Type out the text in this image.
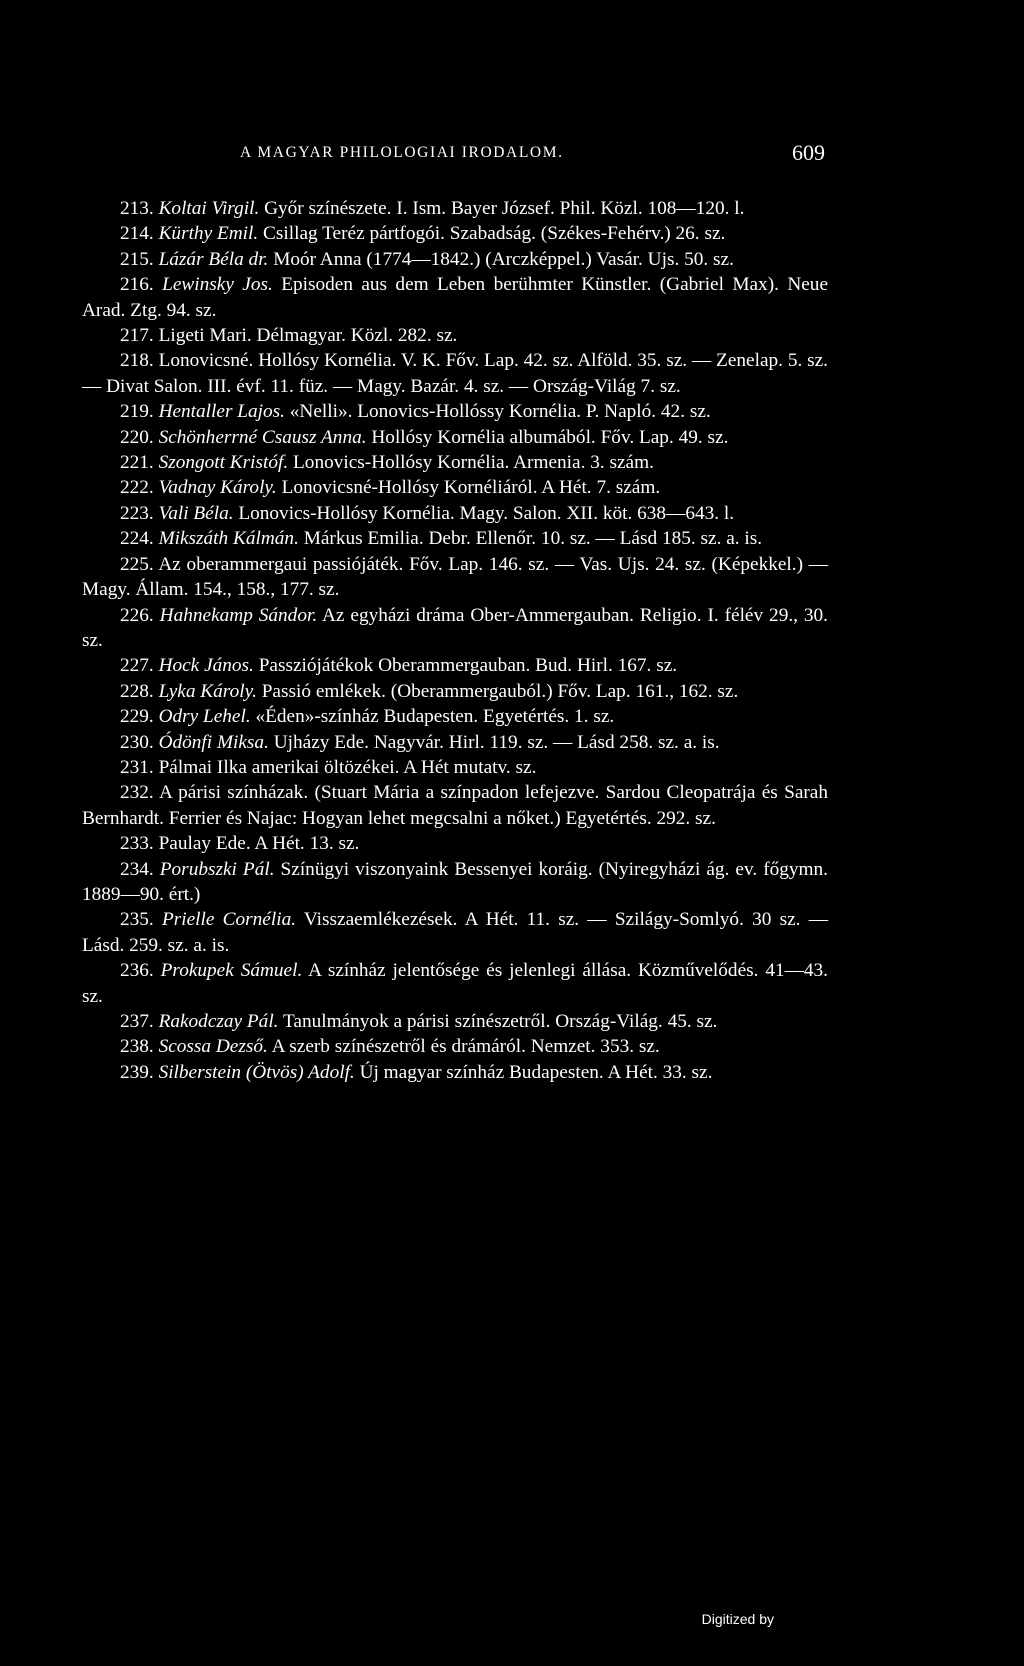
A MAGYAR PHILOLOGIAI IRODALOM.	609

213. Koltai Virgil. Győr színészete. I. Ism. Bayer József. Phil. Közl. 108—120. l.

214. Kürthy Emil. Csillag Teréz pártfogói. Szabadság. (Székes-Fehérv.) 26. sz.

215. Lázár Béla dr. Moór Anna (1774—1842.) (Arczképpel.) Vasár. Ujs. 50. sz.

216. Lewinsky Jos. Episoden aus dem Leben berühmter Künstler. (Gabriel Max). Neue Arad. Ztg. 94. sz.

217. Ligeti Mari. Délmagyar. Közl. 282. sz.

218. Lonovicsné. Hollósy Kornélia. V. K. Főv. Lap. 42. sz. Alföld. 35. sz. — Zenelap. 5. sz. — Divat Salon. III. évf. 11. füz. — Magy. Bazár. 4. sz. — Ország-Világ 7. sz.

219. Hentaller Lajos. «Nelli». Lonovics-Hollóssy Kornélia. P. Napló. 42. sz.

220. Schönherrné Csausz Anna. Hollósy Kornélia albumából. Főv. Lap. 49. sz.

221. Szongott Kristóf. Lonovics-Hollósy Kornélia. Armenia. 3. szám.

222. Vadnay Károly. Lonovicsné-Hollósy Kornéliáról. A Hét. 7. szám.

223. Vali Béla. Lonovics-Hollósy Kornélia. Magy. Salon. XII. köt. 638—643. l.

224. Mikszáth Kálmán. Márkus Emilia. Debr. Ellenőr. 10. sz. — Lásd 185. sz. a. is.

225. Az oberammergaui passiójáték. Főv. Lap. 146. sz. — Vas. Ujs. 24. sz. (Képekkel.) — Magy. Állam. 154., 158., 177. sz.

226. Hahnekamp Sándor. Az egyházi dráma Ober-Ammergauban. Religio. I. félév 29., 30. sz.

227. Hock János. Passziójátékok Oberammergauban. Bud. Hirl. 167. sz.

228. Lyka Károly. Passió emlékek. (Oberammergauból.) Főv. Lap. 161., 162. sz.

229. Odry Lehel. «Éden»-színház Budapesten. Egyetértés. 1. sz.

230. Ódönfi Miksa. Ujházy Ede. Nagyvár. Hirl. 119. sz. — Lásd 258. sz. a. is.

231. Pálmai Ilka amerikai öltözékei. A Hét mutatv. sz.

232. A párisi színházak. (Stuart Mária a színpadon lefejezve. Sardou Cleopatrája és Sarah Bernhardt. Ferrier és Najac: Hogyan lehet megcsalni a nőket.) Egyetértés. 292. sz.

233. Paulay Ede. A Hét. 13. sz.

234. Porubszki Pál. Színügyi viszonyaink Bessenyei koráig. (Nyiregyházi ág. ev. főgymn. 1889—90. ért.)

235. Prielle Cornélia. Visszaemlékezések. A Hét. 11. sz. — Szilágy-Somlyó. 30 sz. — Lásd. 259. sz. a. is.

236. Prokupek Sámuel. A színház jelentősége és jelenlegi állása. Közművelődés. 41—43. sz.

237. Rakodczay Pál. Tanulmányok a párisi színészetről. Ország-Világ. 45. sz.

238. Scossa Dezső. A szerb színészetről és drámáról. Nemzet. 353. sz.

239. Silberstein (Ötvös) Adolf. Új magyar színház Budapesten. A Hét. 33. sz.

Digitized by
